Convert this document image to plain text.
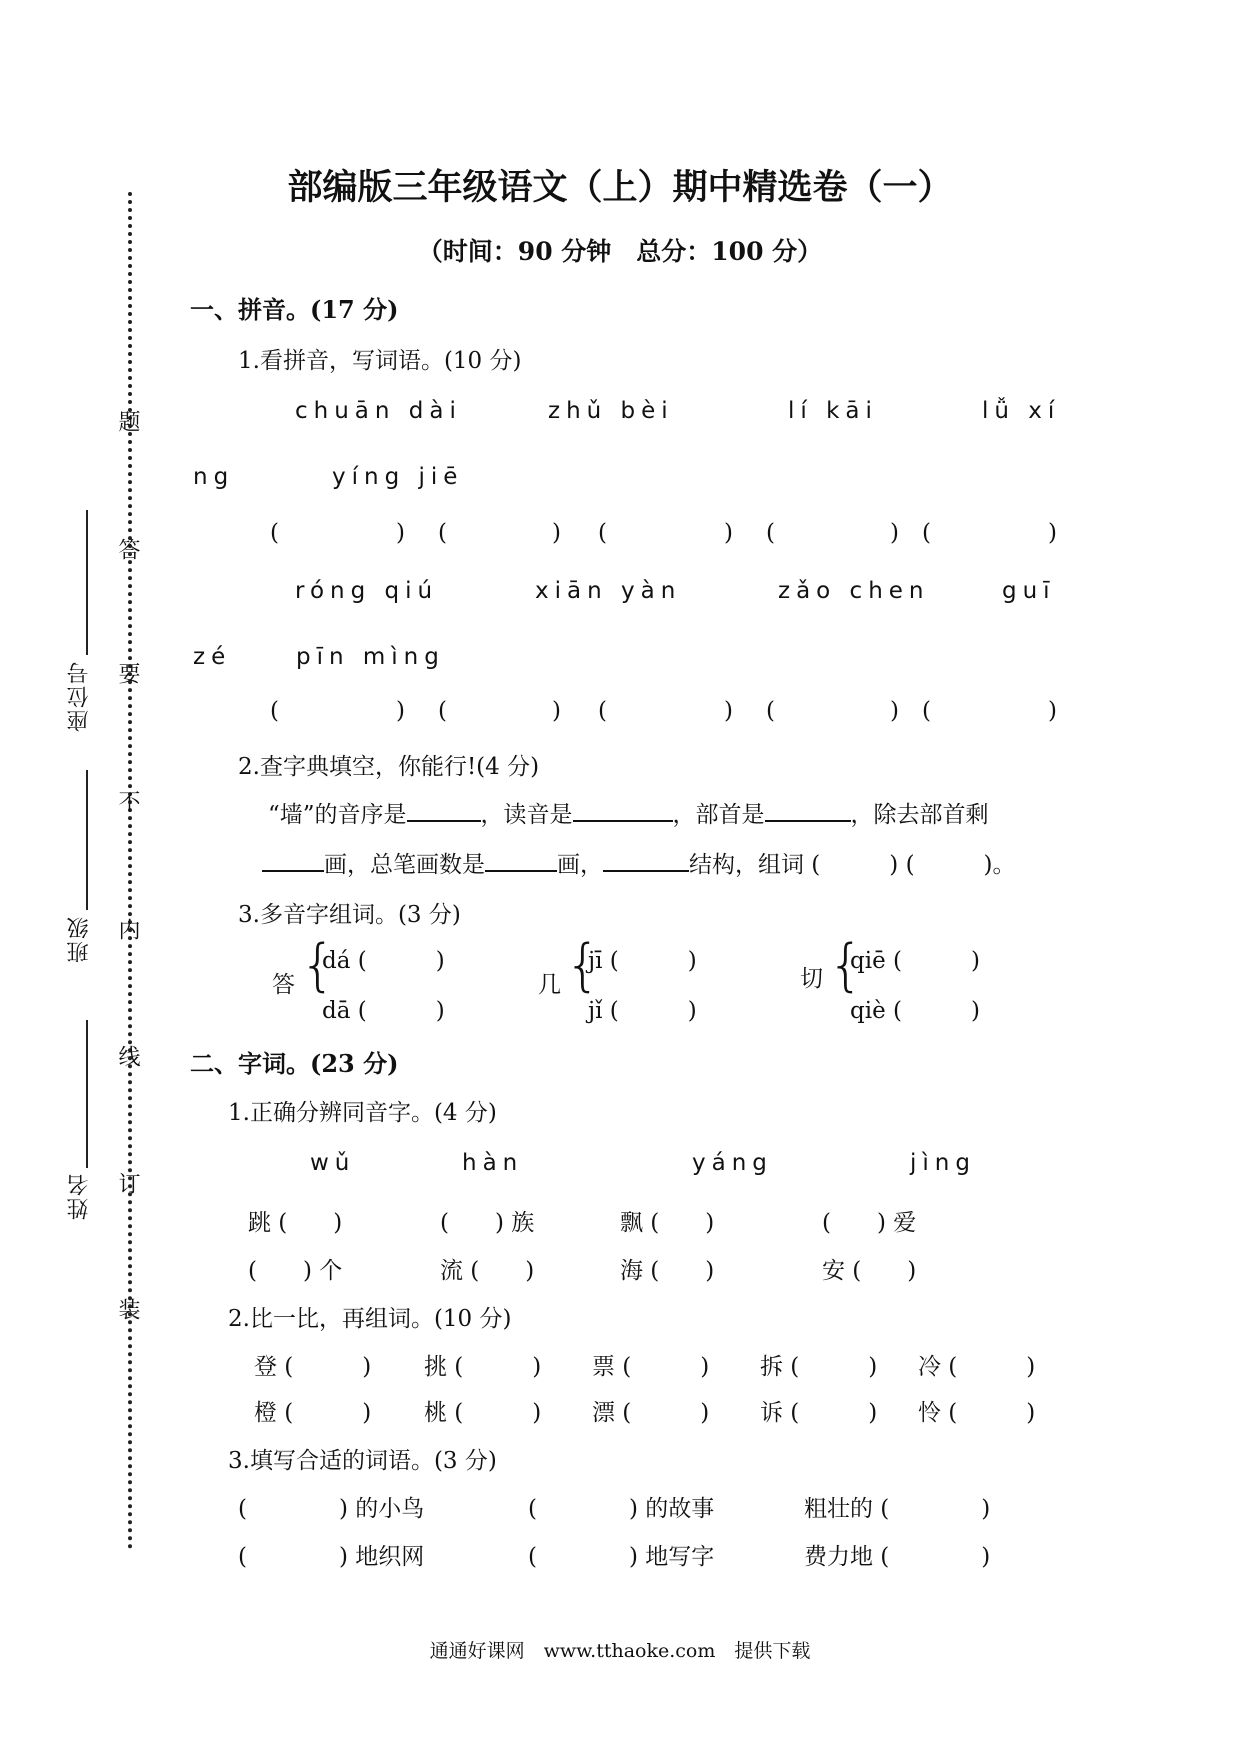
题
答
要
不
内
线
订
装
座位号
班级
姓名
部编版三年级语文（上）期中精选卷（一）
（时间：90 分钟　总分：100 分）
一、拼音。(17 分)
1.看拼音，写词语。(10 分)
chuān dài	zhǔ bèi	lí kāi	lǚ xí
ng	yíng jiē
(	) (	) (	) (	) (	)
róng qiú	xiān yàn	zǎo chen	guī
zé	pīn mìng
(	) (	) (	) (	) (	)
2.查字典填空，你能行!(4 分)
“墙”的音序是	，读音是	，部首是	，除去部首剩
画，总笔画数是	画，	结构，组词 (　　　) (　　　)。
3.多音字组词。(3 分)
答 {
dá (　　　)
dā (　　　)
几 {
jī (　　　)
jǐ (　　　)
切 {
qiē (　　　)
qiè (　　　)
二、字词。(23 分)
1.正确分辨同音字。(4 分)
wǔ	hàn	yáng	jìng
跳 (　　)	(　　) 族	飘 (　　)	(　　) 爱
(　　) 个	流 (　　)	海 (　　)	安 (　　)
2.比一比，再组词。(10 分)
登 (　　　) 挑 (　　　) 票 (　　　) 拆 (　　　) 冷 (　　　)
橙 (　　　) 桃 (　　　) 漂 (　　　) 诉 (　　　) 怜 (　　　)
3.填写合适的词语。(3 分)
(　　　　) 的小鸟	(　　　　) 的故事	粗壮的 (　　　　)
(　　　　) 地织网	(　　　　) 地写字	费力地 (　　　　)
通通好课网　www.tthaoke.com　提供下载
